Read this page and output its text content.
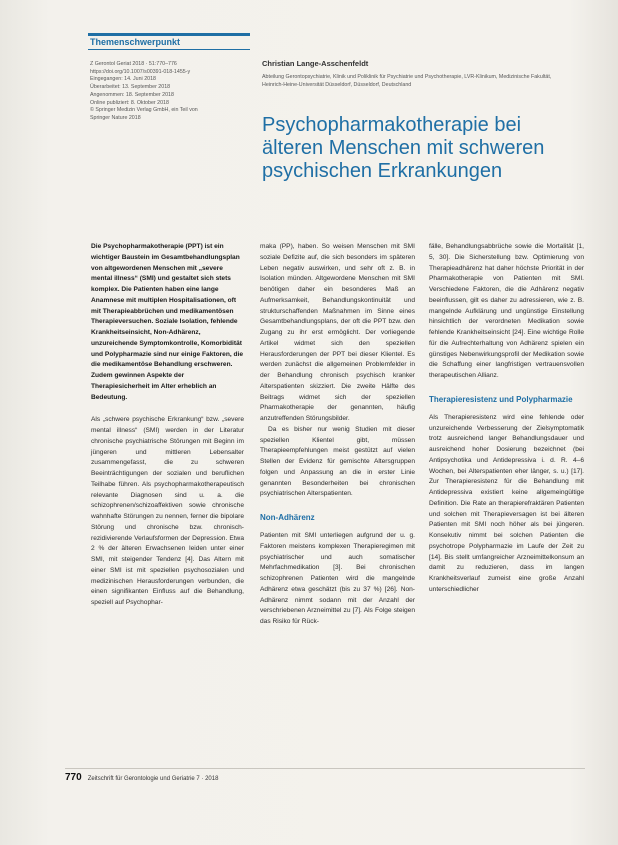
Themenschwerpunkt
Z Gerontol Geriat 2018 · 51:770–776
https://doi.org/10.1007/s00391-018-1455-y
Eingegangen: 14. Juni 2018
Überarbeitet: 13. September 2018
Angenommen: 18. September 2018
Online publiziert: 8. Oktober 2018
© Springer Medizin Verlag GmbH, ein Teil von
Springer Nature 2018
Christian Lange-Asschenfeldt
Abteilung Gerontopsychiatrie, Klinik und Poliklinik für Psychiatrie und Psychotherapie, LVR-Klinikum, Medizinische Fakultät, Heinrich-Heine-Universität Düsseldorf, Düsseldorf, Deutschland
Psychopharmakotherapie bei älteren Menschen mit schweren psychischen Erkrankungen

Die Psychopharmakotherapie (PPT) ist ein wichtiger Baustein im Gesamtbehandlungsplan von altgewordenen Menschen mit „severe mental illness“ (SMI) und gestaltet sich stets komplex. Die Patienten haben eine lange Anamnese mit multiplen Hospitalisationen, oft mit Therapieabbrüchen und medikamentösen Therapieversuchen. Soziale Isolation, fehlende Krankheitseinsicht, Non-Adhärenz, unzureichende Symptomkontrolle, Komorbidität und Polypharmazie sind nur einige Faktoren, die die medikamentöse Behandlung erschweren. Zudem gewinnen Aspekte der Therapiesicherheit im Alter erheblich an Bedeutung.

Als „schwere psychische Erkrankung“ bzw. „severe mental illness“ (SMI) werden in der Literatur chronische psychiatrische Störungen mit Beginn im jüngeren und mittleren Lebensalter zusammengefasst, die zu schweren Beeinträchtigungen der sozialen und beruflichen Teilhabe führen. Als psychopharmakotherapeutisch relevante Diagnosen sind u. a. die schizophrenen/schizoaffektiven sowie chronische wahnhafte Störungen zu nennen, ferner die bipolare Störung und chronische bzw. chronisch-rezidivierende Verlaufsformen der Depression. Etwa 2 % der älteren Erwachsenen leiden unter einer SMI, mit steigender Tendenz [4]. Das Altern mit einer SMI ist mit speziellen psychosozialen und medizinischen Herausforderungen verbunden, die einen signifikanten Einfluss auf die Behandlung, speziell auf Psychophar-

maka (PP), haben. So weisen Menschen mit SMI soziale Defizite auf, die sich besonders im späteren Leben negativ auswirken, und sehr oft z. B. in Isolation münden. Altgewordene Menschen mit SMI benötigen daher ein besonderes Maß an Aufmerksamkeit, Behandlungskontinuität und strukturschaffenden Maßnahmen im Sinne eines Gesamtbehandlungsplans, der oft die PPT bzw. den Zugang zu ihr erst ermöglicht. Der vorliegende Artikel widmet sich den speziellen Herausforderungen der PPT bei dieser Klientel. Es werden zunächst die allgemeinen Problemfelder in der Behandlung chronisch psychisch kranker Alterspatienten skizziert. Die zweite Hälfte des Beitrags widmet sich der speziellen Pharmakotherapie der genannten, häufig anzutreffenden Störungsbilder.

Da es bisher nur wenig Studien mit dieser speziellen Klientel gibt, müssen Therapieempfehlungen meist gestützt auf vielen Stellen der Evidenz für gemischte Altersgruppen folgen und Anpassung an die in erster Linie genannten Besonderheiten bei chronischen psychiatrischen Alterspatienten.

Non-Adhärenz

Patienten mit SMI unterliegen aufgrund der u. g. Faktoren meistens komplexen Therapieregimen mit psychiatrischer und auch somatischer Mehrfachmedikation [3]. Bei chronischen schizophrenen Patienten wird die mangelnde Adhärenz etwa geschätzt (bis zu 37 %) [26]. Non-Adhärenz nimmt sodann mit der Anzahl der verschriebenen Arzneimittel zu [7]. Als Folge steigen das Risiko für Rück-

fälle, Behandlungsabbrüche sowie die Mortalität [1, 5, 30]. Die Sicherstellung bzw. Optimierung von Therapieadhärenz hat daher höchste Priorität in der Pharmakotherapie von Patienten mit SMI. Verschiedene Faktoren, die die Adhärenz negativ beeinflussen, gilt es daher zu adressieren, wie z. B. mangelnde Aufklärung und ungünstige Einstellung hinsichtlich der verordneten Medikation sowie fehlende Krankheitseinsicht [24]. Eine wichtige Rolle für die Aufrechterhaltung von Adhärenz spielen ein günstiges Nebenwirkungsprofil der Medikation sowie die Schaffung einer langfristigen vertrauensvollen therapeutischen Allianz.

Therapieresistenz und Polypharmazie

Als Therapieresistenz wird eine fehlende oder unzureichende Verbesserung der Zielsymptomatik trotz ausreichend langer Behandlungsdauer und ausreichend hoher Dosierung bezeichnet (bei Antipsychotika und Antidepressiva i. d. R. 4–6 Wochen, bei Alterspatienten eher länger, s. u.) [17]. Zur Therapieresistenz für die Behandlung mit Antidepressiva existiert keine allgemeingültige Definition. Die Rate an therapierefraktären Patienten und solchen mit Therapieversagen ist bei älteren Patienten mit SMI noch höher als bei jüngeren. Konsekutiv nimmt bei solchen Patienten die psychotrope Polypharmazie im Laufe der Zeit zu [14]. Bis stellt umfangreicher Arzneimittelkonsum an damit zu reduzieren, dass im langen Krankheitsverlauf zumeist eine große Anzahl unterschiedlicher

770 Zeitschrift für Gerontologie und Geriatrie 7 · 2018
